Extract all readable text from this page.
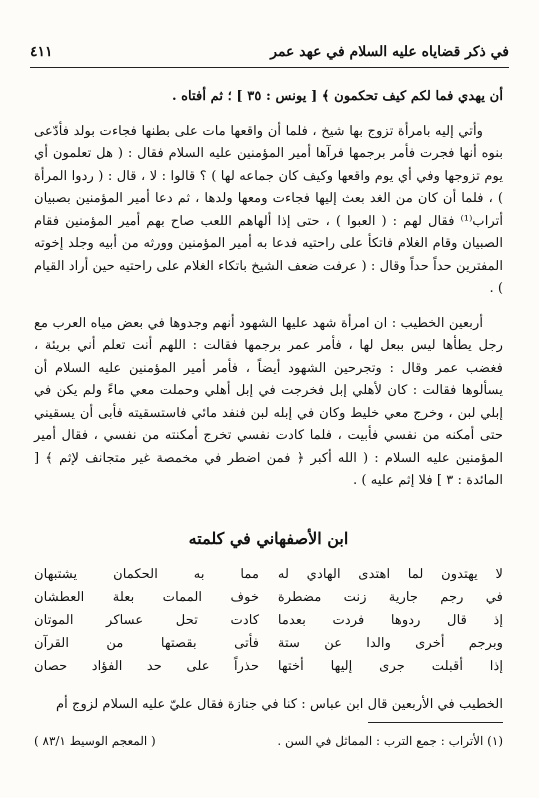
في ذكر قضاياه عليه السلام في عهد عمر
٤١١

أن يهدي فما لكم كيف تحكمون ﴾ [ يونس : ٣٥ ] ؛ ثم أفتاه .

وأتي إليه بامرأة تزوج بها شيخ ، فلما أن واقعها مات على بطنها فجاءت بولد فأدّعى بنوه أنها فجرت فأمر برجمها فرآها أمير المؤمنين عليه السلام فقال : ( هل تعلمون أي يوم تزوجها وفي أي يوم واقعها وكيف كان جماعه لها ) ؟ قالوا : لا ، قال : ( ردوا المرأة ) ، فلما أن كان من الغد بعث إليها فجاءت ومعها ولدها ، ثم دعا أمير المؤمنين بصبيان أتراب⁽¹⁾ فقال لهم : ( العبوا ) ، حتى إذا ألهاهم اللعب صاح بهم أمير المؤمنين فقام الصبيان وقام الغلام فاتكأ على راحتيه فدعا به أمير المؤمنين وورثه من أبيه وجلد إخوته المفترين حداً حداً وقال : ( عرفت ضعف الشيخ باتكاء الغلام على راحتيه حين أراد القيام ) .

أربعين الخطيب : ان امرأة شهد عليها الشهود أنهم وجدوها في بعض مياه العرب مع رجل يطأها ليس ببعل لها ، فأمر عمر برجمها فقالت : اللهم أنت تعلم أني بريئة ، فغضب عمر وقال : وتجرحين الشهود أيضاً ، فأمر أمير المؤمنين عليه السلام أن يسألوها فقالت : كان لأهلي إبل فخرجت في إبل أهلي وحملت معي ماءً ولم يكن في إبلي لبن ، وخرج معي خليط وكان في إبله لبن فنفد مائي فاستسقيته فأبى أن يسقيني حتى أمكنه من نفسي فأبيت ، فلما كادت نفسي تخرج أمكنته من نفسي ، فقال أمير المؤمنين عليه السلام : ( الله أكبر ﴿ فمن اضطر في مخمصة غير متجانف لإثم ﴾ [ المائدة : ٣ ] فلا إثم عليه ) .

ابن الأصفهاني في كلمته
لا يهتدون لما اهتدى الهادي له
مما به الحكمان يشتبهان
في رجم جارية زنت مضطرة
خوف الممات بعلة العطشان
إذ قال ردوها فردت بعدما
كادت تحل عساكر الموتان
وبرجم أخرى والدا عن ستة
فأتى بقصتها من القرآن
إذا أقبلت جرى إليها أختها
حذراً على حد الفؤاد حصان
الخطيب في الأربعين قال ابن عباس : كنا في جنازة فقال عليّ عليه السلام لزوج أم
(١) الأتراب : جمع الترب : المماثل في السن .
( المعجم الوسيط ٨٣/١ )
